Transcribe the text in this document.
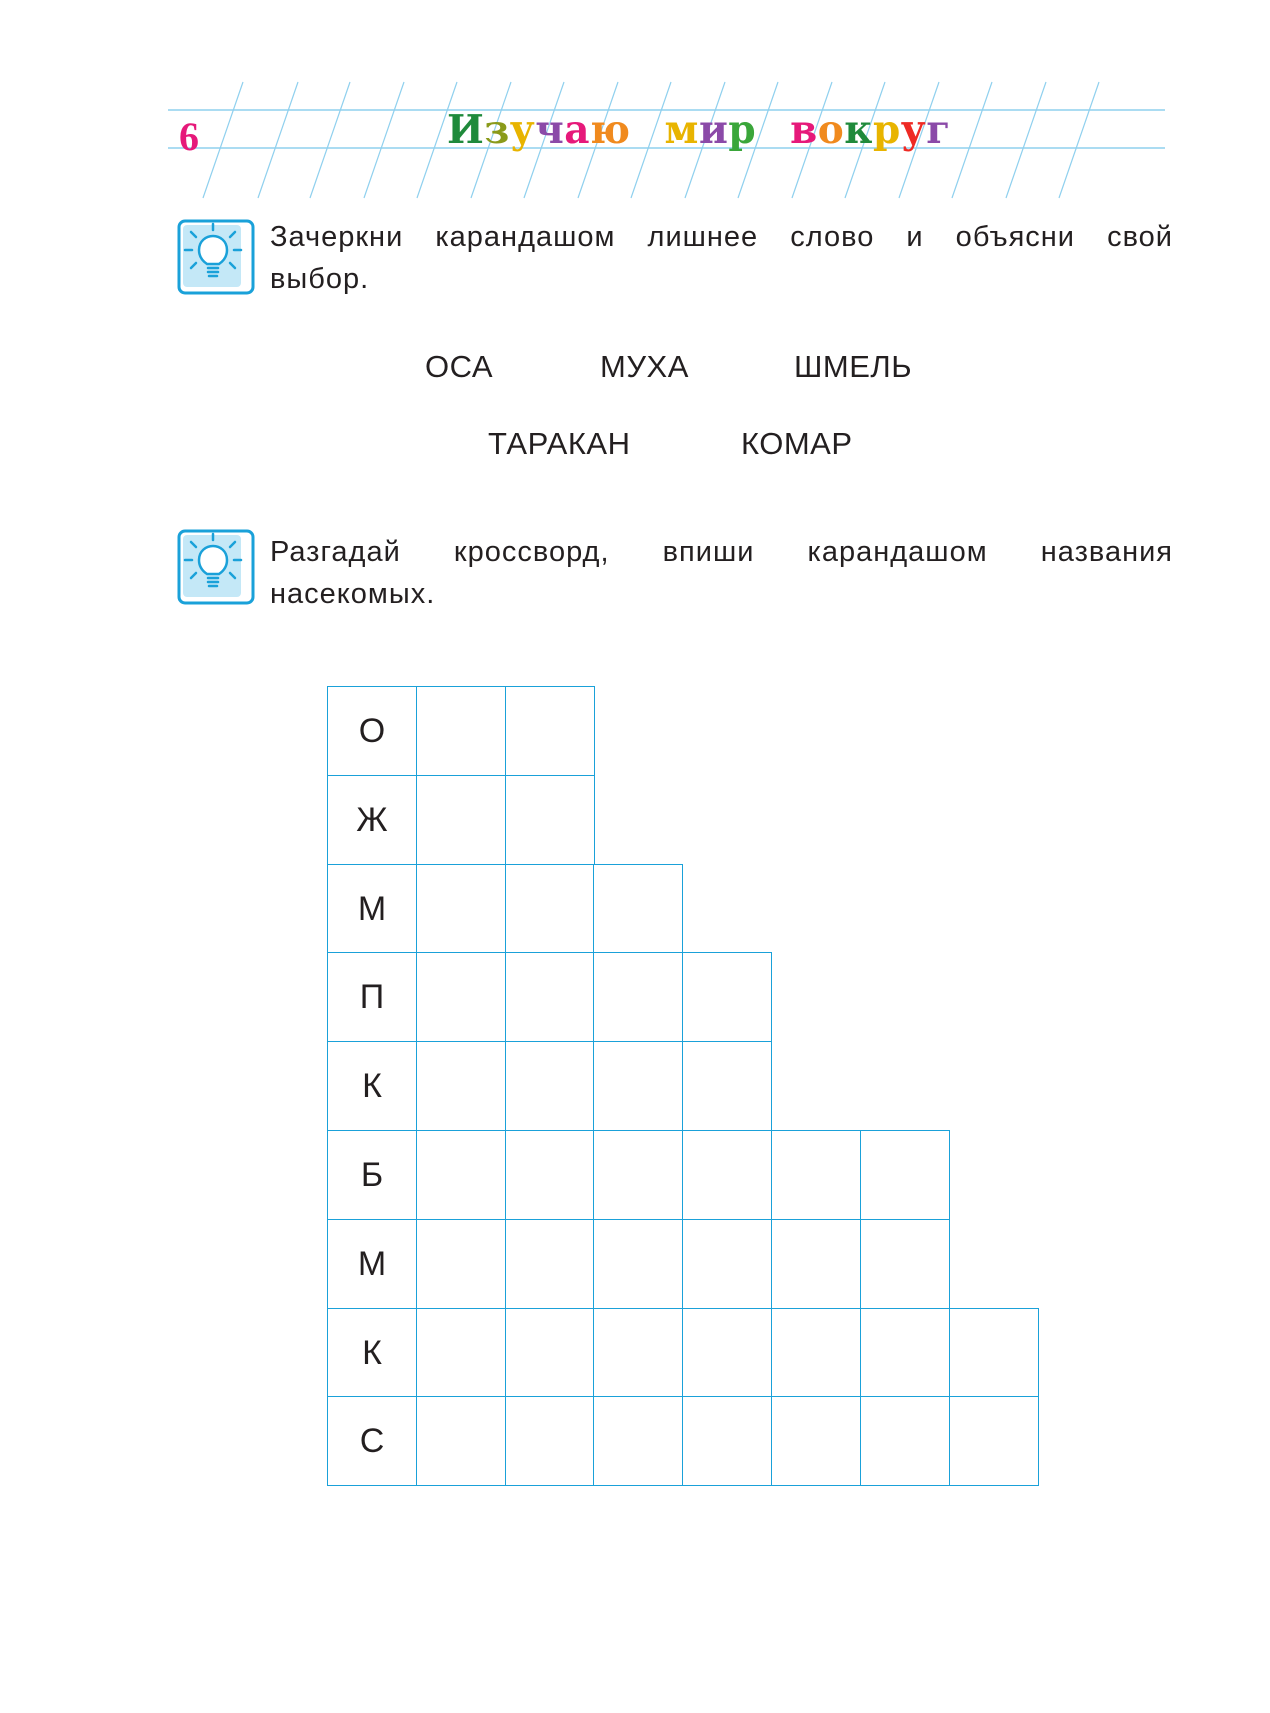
6	Изучаю мир вокруг
Зачеркни карандашом лишнее слово и объясни свой выбор.
ОСА	МУХА	ШМЕЛЬ
ТАРАКАН	КОМАР
Разгадай кроссворд, впиши карандашом названия насекомых.
О
Ж
М
П
К
Б
М
К
С
